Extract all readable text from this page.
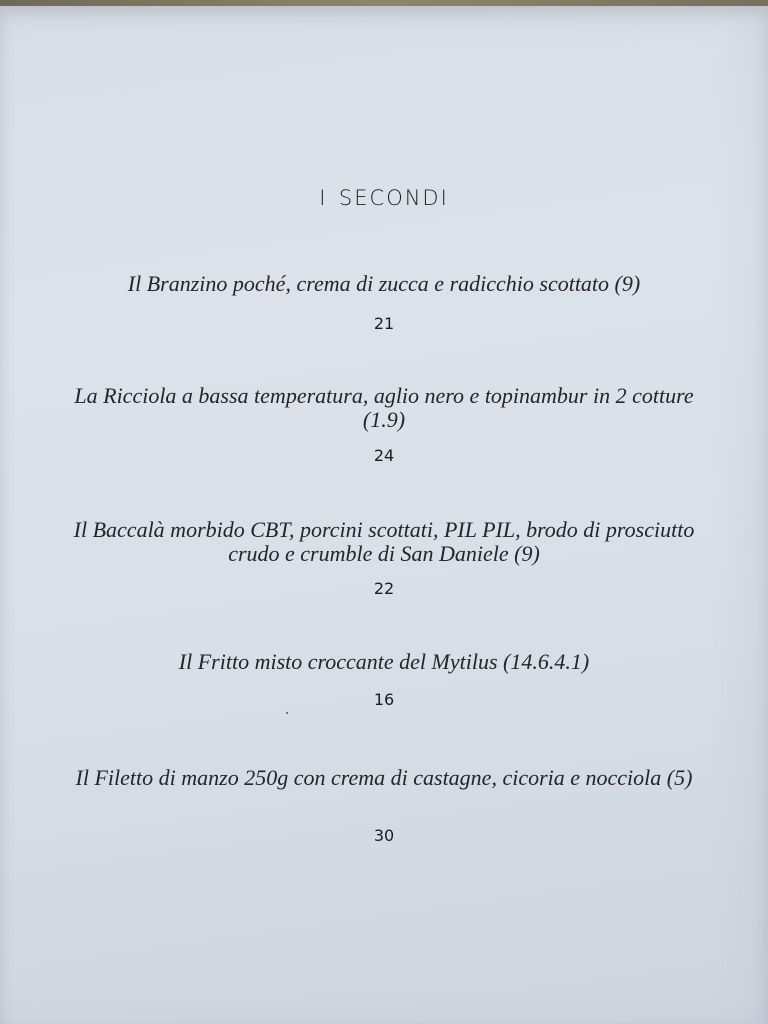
i secondi
Il Branzino poché, crema di zucca e radicchio scottato (9)
21
La Ricciola a bassa temperatura, aglio nero e topinambur in 2 cotture (1.9)
24
Il Baccalà morbido CBT, porcini scottati, PIL PIL, brodo di prosciutto crudo e crumble di San Daniele (9)
22
Il Fritto misto croccante del Mytilus (14.6.4.1)
16
Il Filetto di manzo 250g con crema di castagne, cicoria e nocciola (5)
30
